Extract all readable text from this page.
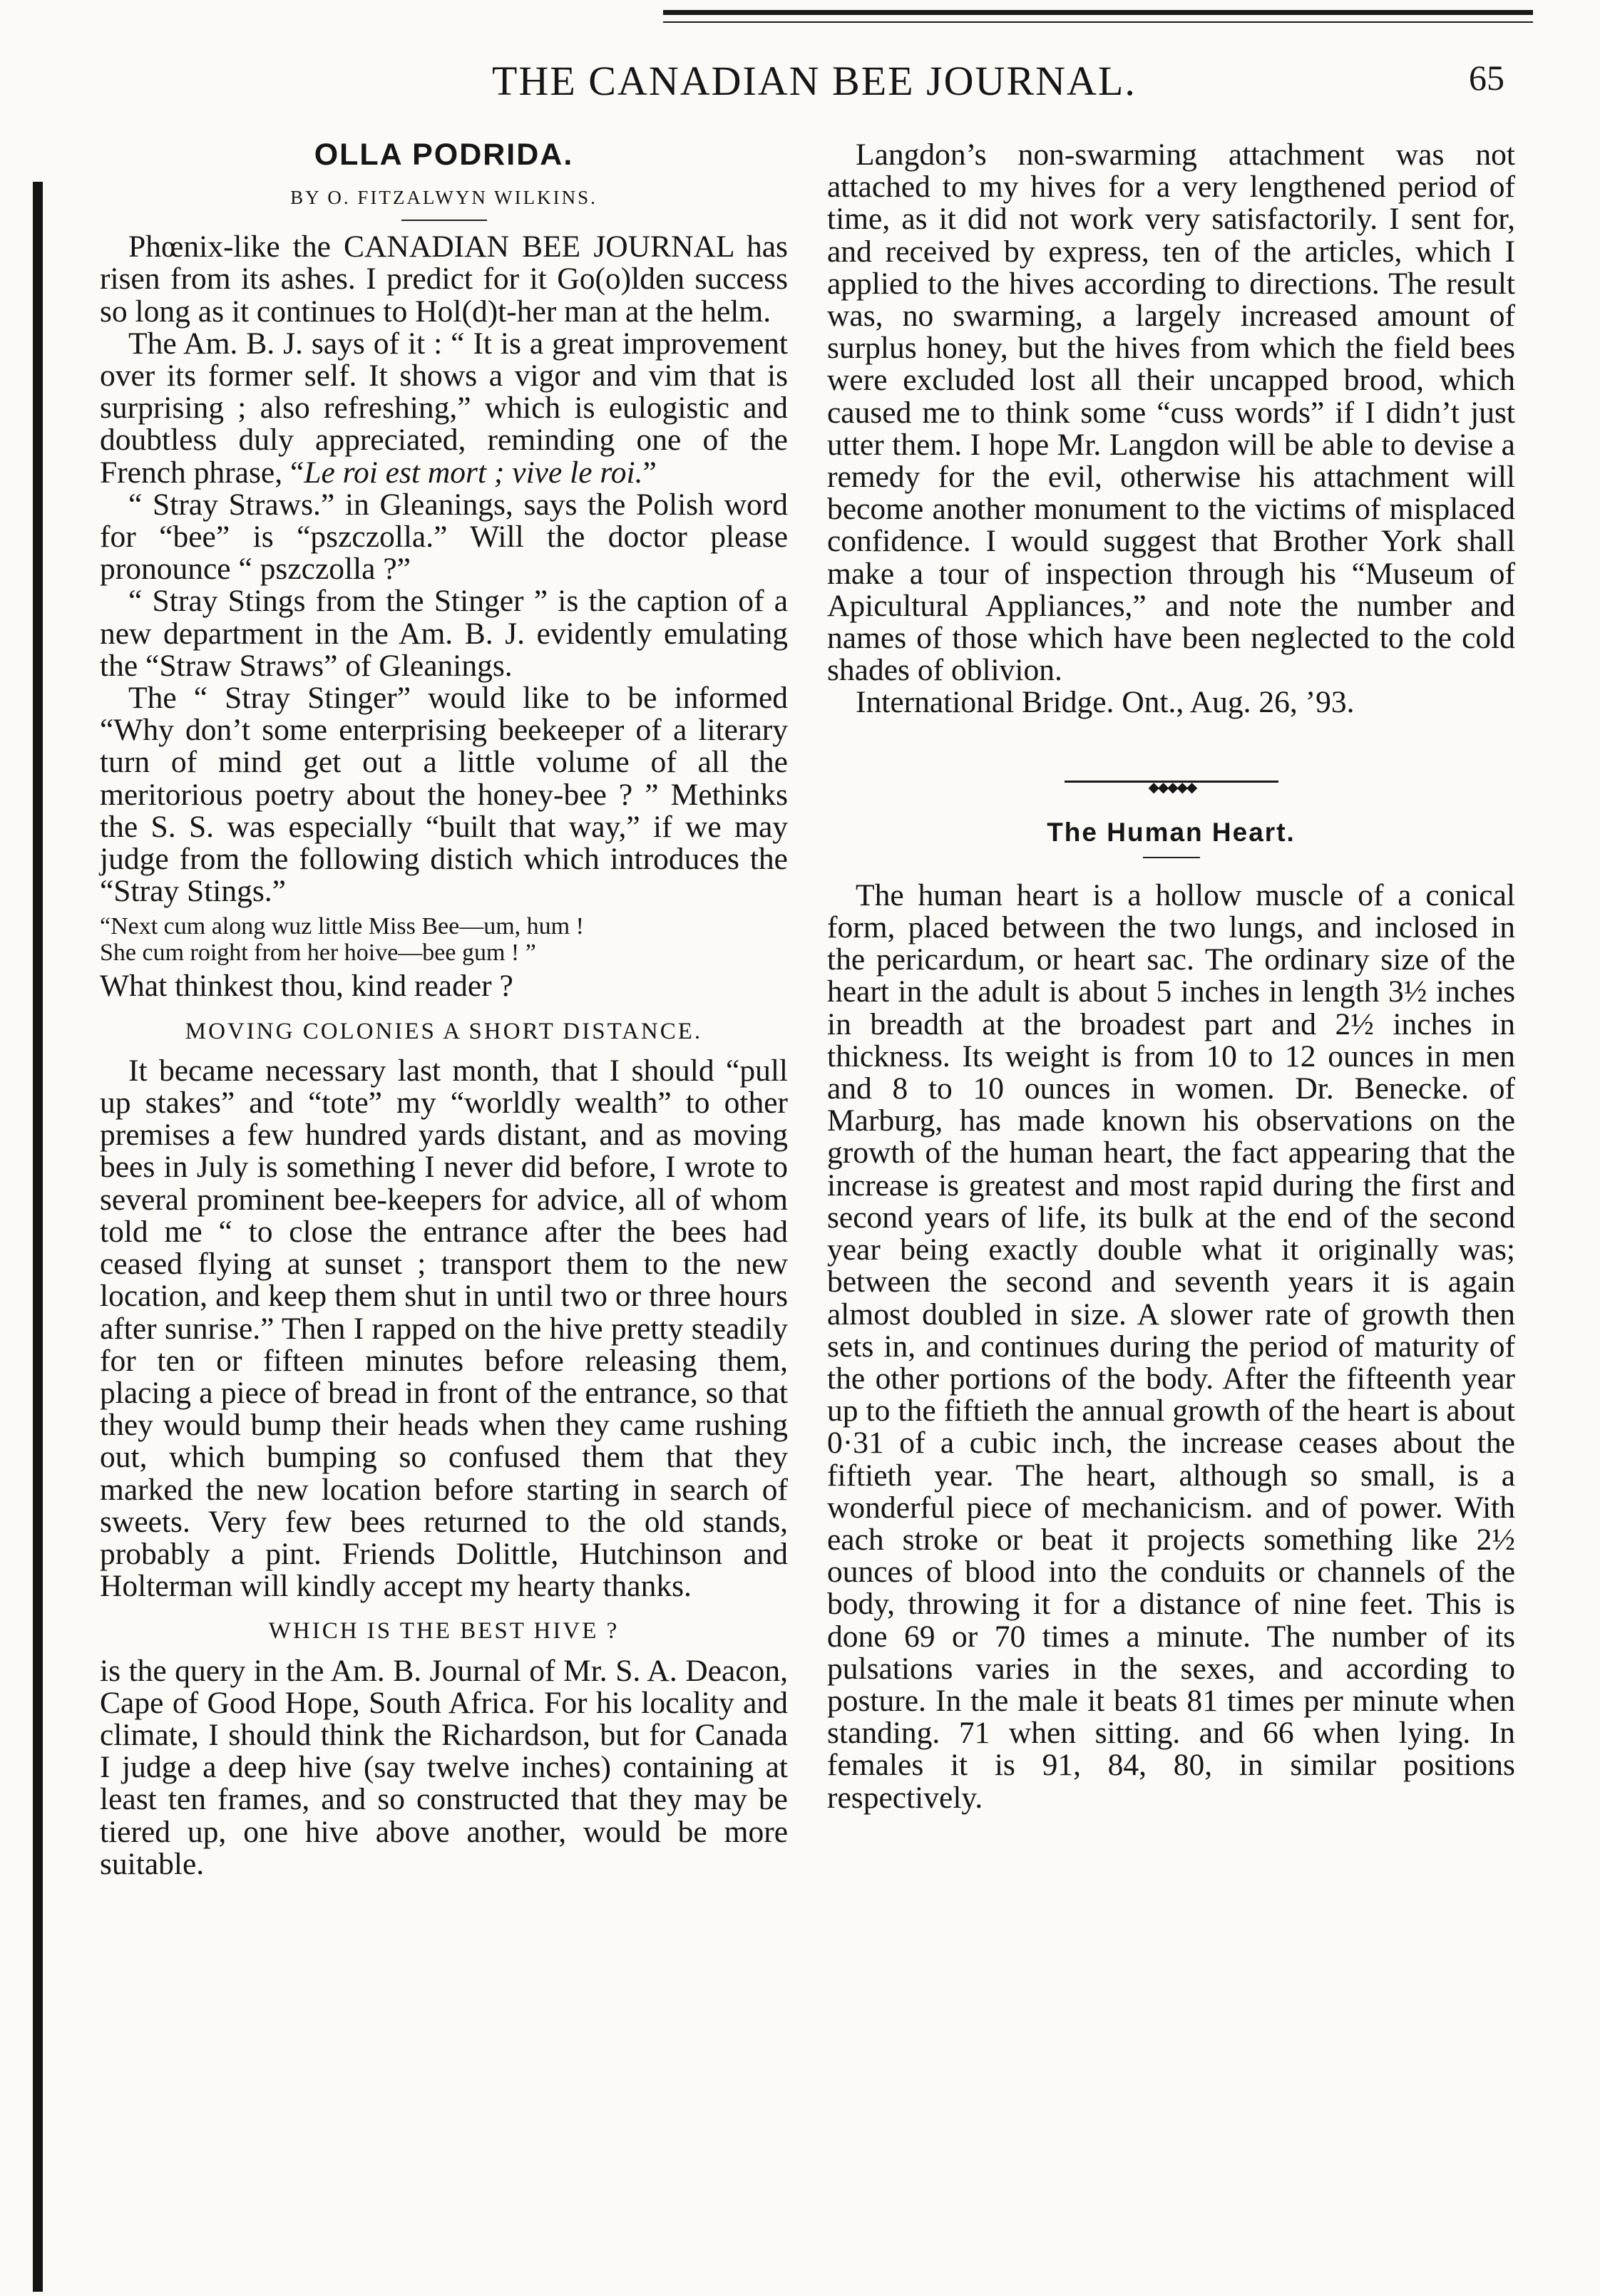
THE CANADIAN BEE JOURNAL.	65
OLLA PODRIDA.
BY O. FITZALWYN WILKINS.

Phœnix-like the CANADIAN BEE JOURNAL has risen from its ashes. I predict for it Go(o)lden success so long as it continues to Hol(d)t-her man at the helm.

The Am. B. J. says of it : “ It is a great improvement over its former self. It shows a vigor and vim that is surprising ; also refreshing,” which is eulogistic and doubtless duly appreciated, reminding one of the French phrase, “Le roi est mort ; vive le roi.”

“ Stray Straws.” in Gleanings, says the Polish word for “bee” is “pszczolla.” Will the doctor please pronounce “ pszczolla ?”

“ Stray Stings from the Stinger ” is the caption of a new department in the Am. B. J. evidently emulating the “Straw Straws” of Gleanings.

The “ Stray Stinger” would like to be informed “Why don’t some enterprising beekeeper of a literary turn of mind get out a little volume of all the meritorious poetry about the honey-bee ? ” Methinks the S. S. was especially “built that way,” if we may judge from the following distich which introduces the “Stray Stings.”

“Next cum along wuz little Miss Bee—um, hum !
She cum roight from her hoive—bee gum ! ”

What thinkest thou, kind reader ?

MOVING COLONIES A SHORT DISTANCE.

It became necessary last month, that I should “pull up stakes” and “tote” my “worldly wealth” to other premises a few hundred yards distant, and as moving bees in July is something I never did before, I wrote to several prominent bee-keepers for advice, all of whom told me “ to close the entrance after the bees had ceased flying at sunset ; transport them to the new location, and keep them shut in until two or three hours after sunrise.” Then I rapped on the hive pretty steadily for ten or fifteen minutes before releasing them, placing a piece of bread in front of the entrance, so that they would bump their heads when they came rushing out, which bumping so confused them that they marked the new location before starting in search of sweets. Very few bees returned to the old stands, probably a pint. Friends Dolittle, Hutchinson and Holterman will kindly accept my hearty thanks.

WHICH IS THE BEST HIVE ?

is the query in the Am. B. Journal of Mr. S. A. Deacon, Cape of Good Hope, South Africa. For his locality and climate, I should think the Richardson, but for Canada I judge a deep hive (say twelve inches) containing at least ten frames, and so constructed that they may be tiered up, one hive above another, would be more suitable.

Langdon’s non-swarming attachment was not attached to my hives for a very lengthened period of time, as it did not work very satisfactorily. I sent for, and received by express, ten of the articles, which I applied to the hives according to directions. The result was, no swarming, a largely increased amount of surplus honey, but the hives from which the field bees were excluded lost all their uncapped brood, which caused me to think some “cuss words” if I didn’t just utter them. I hope Mr. Langdon will be able to devise a remedy for the evil, otherwise his attachment will become another monument to the victims of misplaced confidence. I would suggest that Brother York shall make a tour of inspection through his “Museum of Apicultural Appliances,” and note the number and names of those which have been neglected to the cold shades of oblivion.

International Bridge. Ont., Aug. 26, ’93.

◆◆◆◆◆
The Human Heart.

The human heart is a hollow muscle of a conical form, placed between the two lungs, and inclosed in the pericardum, or heart sac. The ordinary size of the heart in the adult is about 5 inches in length 3½ inches in breadth at the broadest part and 2½ inches in thickness. Its weight is from 10 to 12 ounces in men and 8 to 10 ounces in women. Dr. Benecke. of Marburg, has made known his observations on the growth of the human heart, the fact appearing that the increase is greatest and most rapid during the first and second years of life, its bulk at the end of the second year being exactly double what it originally was; between the second and seventh years it is again almost doubled in size. A slower rate of growth then sets in, and continues during the period of maturity of the other portions of the body. After the fifteenth year up to the fiftieth the annual growth of the heart is about 0·31 of a cubic inch, the increase ceases about the fiftieth year. The heart, although so small, is a wonderful piece of mechanicism. and of power. With each stroke or beat it projects something like 2½ ounces of blood into the conduits or channels of the body, throwing it for a distance of nine feet. This is done 69 or 70 times a minute. The number of its pulsations varies in the sexes, and according to posture. In the male it beats 81 times per minute when standing. 71 when sitting. and 66 when lying. In females it is 91, 84, 80, in similar positions respectively.
